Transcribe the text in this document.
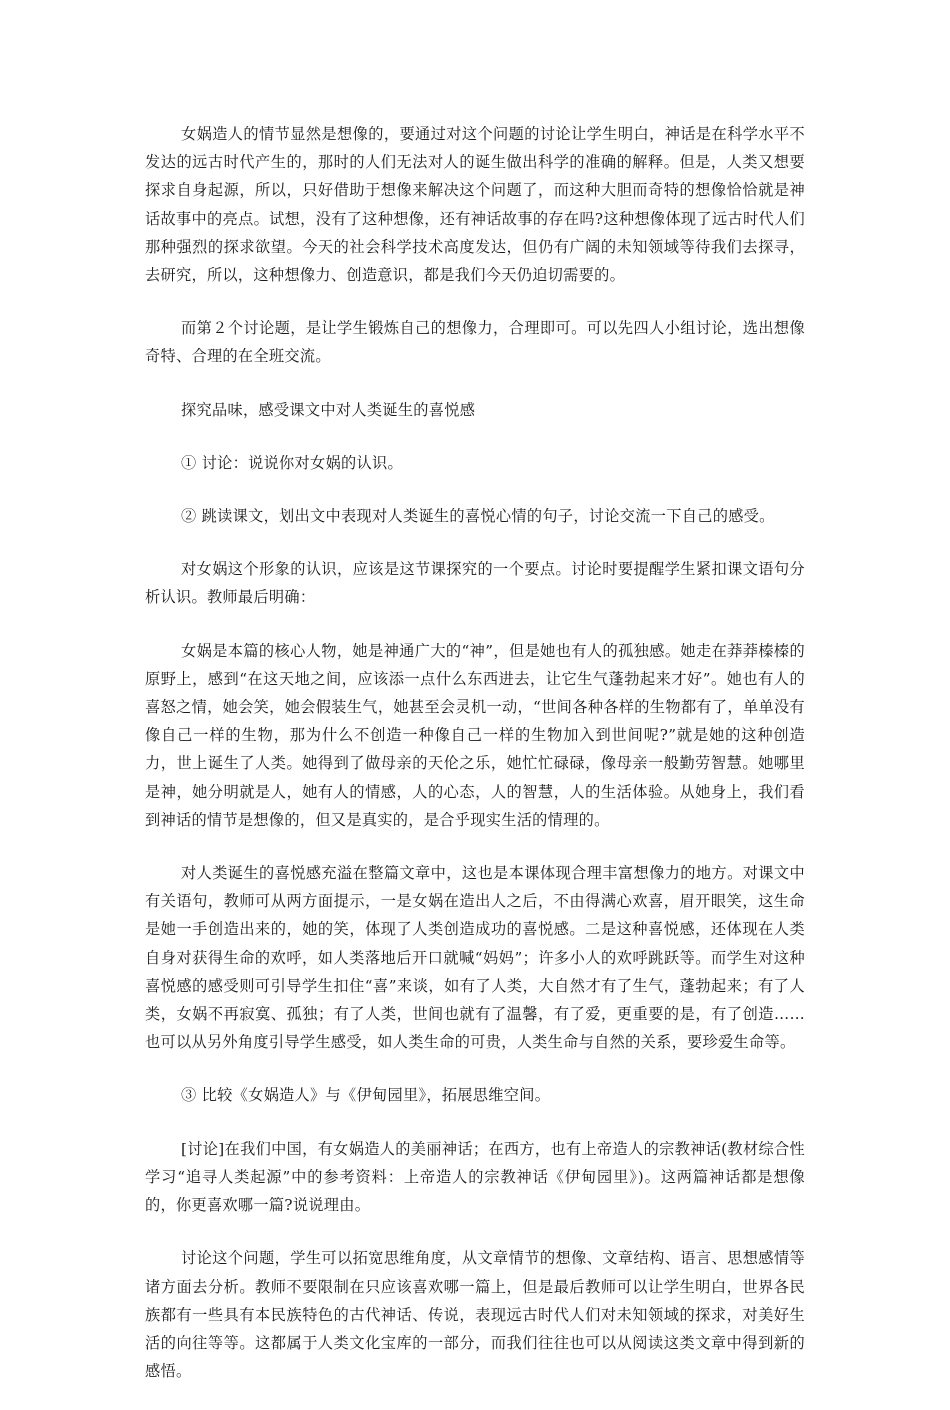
女娲造人的情节显然是想像的，要通过对这个问题的讨论让学生明白，神话是在科学水平不发达的远古时代产生的，那时的人们无法对人的诞生做出科学的准确的解释。但是，人类又想要探求自身起源，所以，只好借助于想像来解决这个问题了，而这种大胆而奇特的想像恰恰就是神话故事中的亮点。试想，没有了这种想像，还有神话故事的存在吗?这种想像体现了远古时代人们那种强烈的探求欲望。今天的社会科学技术高度发达，但仍有广阔的未知领域等待我们去探寻，去研究，所以，这种想像力、创造意识，都是我们今天仍迫切需要的。

而第２个讨论题，是让学生锻炼自己的想像力，合理即可。可以先四人小组讨论，选出想像奇特、合理的在全班交流。

探究品味，感受课文中对人类诞生的喜悦感

① 讨论：说说你对女娲的认识。

② 跳读课文，划出文中表现对人类诞生的喜悦心情的句子，讨论交流一下自己的感受。

对女娲这个形象的认识，应该是这节课探究的一个要点。讨论时要提醒学生紧扣课文语句分析认识。教师最后明确：

女娲是本篇的核心人物，她是神通广大的“神”，但是她也有人的孤独感。她走在莽莽榛榛的原野上，感到“在这天地之间，应该添一点什么东西进去，让它生气蓬勃起来才好”。她也有人的喜怒之情，她会笑，她会假装生气，她甚至会灵机一动，“世间各种各样的生物都有了，单单没有像自己一样的生物，那为什么不创造一种像自己一样的生物加入到世间呢?”就是她的这种创造力，世上诞生了人类。她得到了做母亲的天伦之乐，她忙忙碌碌，像母亲一般勤劳智慧。她哪里是神，她分明就是人，她有人的情感，人的心态，人的智慧，人的生活体验。从她身上，我们看到神话的情节是想像的，但又是真实的，是合乎现实生活的情理的。

对人类诞生的喜悦感充溢在整篇文章中，这也是本课体现合理丰富想像力的地方。对课文中有关语句，教师可从两方面提示，一是女娲在造出人之后，不由得满心欢喜，眉开眼笑，这生命是她一手创造出来的，她的笑，体现了人类创造成功的喜悦感。二是这种喜悦感，还体现在人类自身对获得生命的欢呼，如人类落地后开口就喊“妈妈”；许多小人的欢呼跳跃等。而学生对这种喜悦感的感受则可引导学生扣住“喜”来谈，如有了人类，大自然才有了生气，蓬勃起来；有了人类，女娲不再寂寞、孤独；有了人类，世间也就有了温馨，有了爱，更重要的是，有了创造……也可以从另外角度引导学生感受，如人类生命的可贵，人类生命与自然的关系，要珍爱生命等。

③ 比较《女娲造人》与《伊甸园里》，拓展思维空间。

[讨论]在我们中国，有女娲造人的美丽神话；在西方，也有上帝造人的宗教神话(教材综合性学习“追寻人类起源”中的参考资料：上帝造人的宗教神话《伊甸园里》)。这两篇神话都是想像的，你更喜欢哪一篇?说说理由。

讨论这个问题，学生可以拓宽思维角度，从文章情节的想像、文章结构、语言、思想感情等诸方面去分析。教师不要限制在只应该喜欢哪一篇上，但是最后教师可以让学生明白，世界各民族都有一些具有本民族特色的古代神话、传说，表现远古时代人们对未知领域的探求，对美好生活的向往等等。这都属于人类文化宝库的一部分，而我们往往也可以从阅读这类文章中得到新的感悟。
